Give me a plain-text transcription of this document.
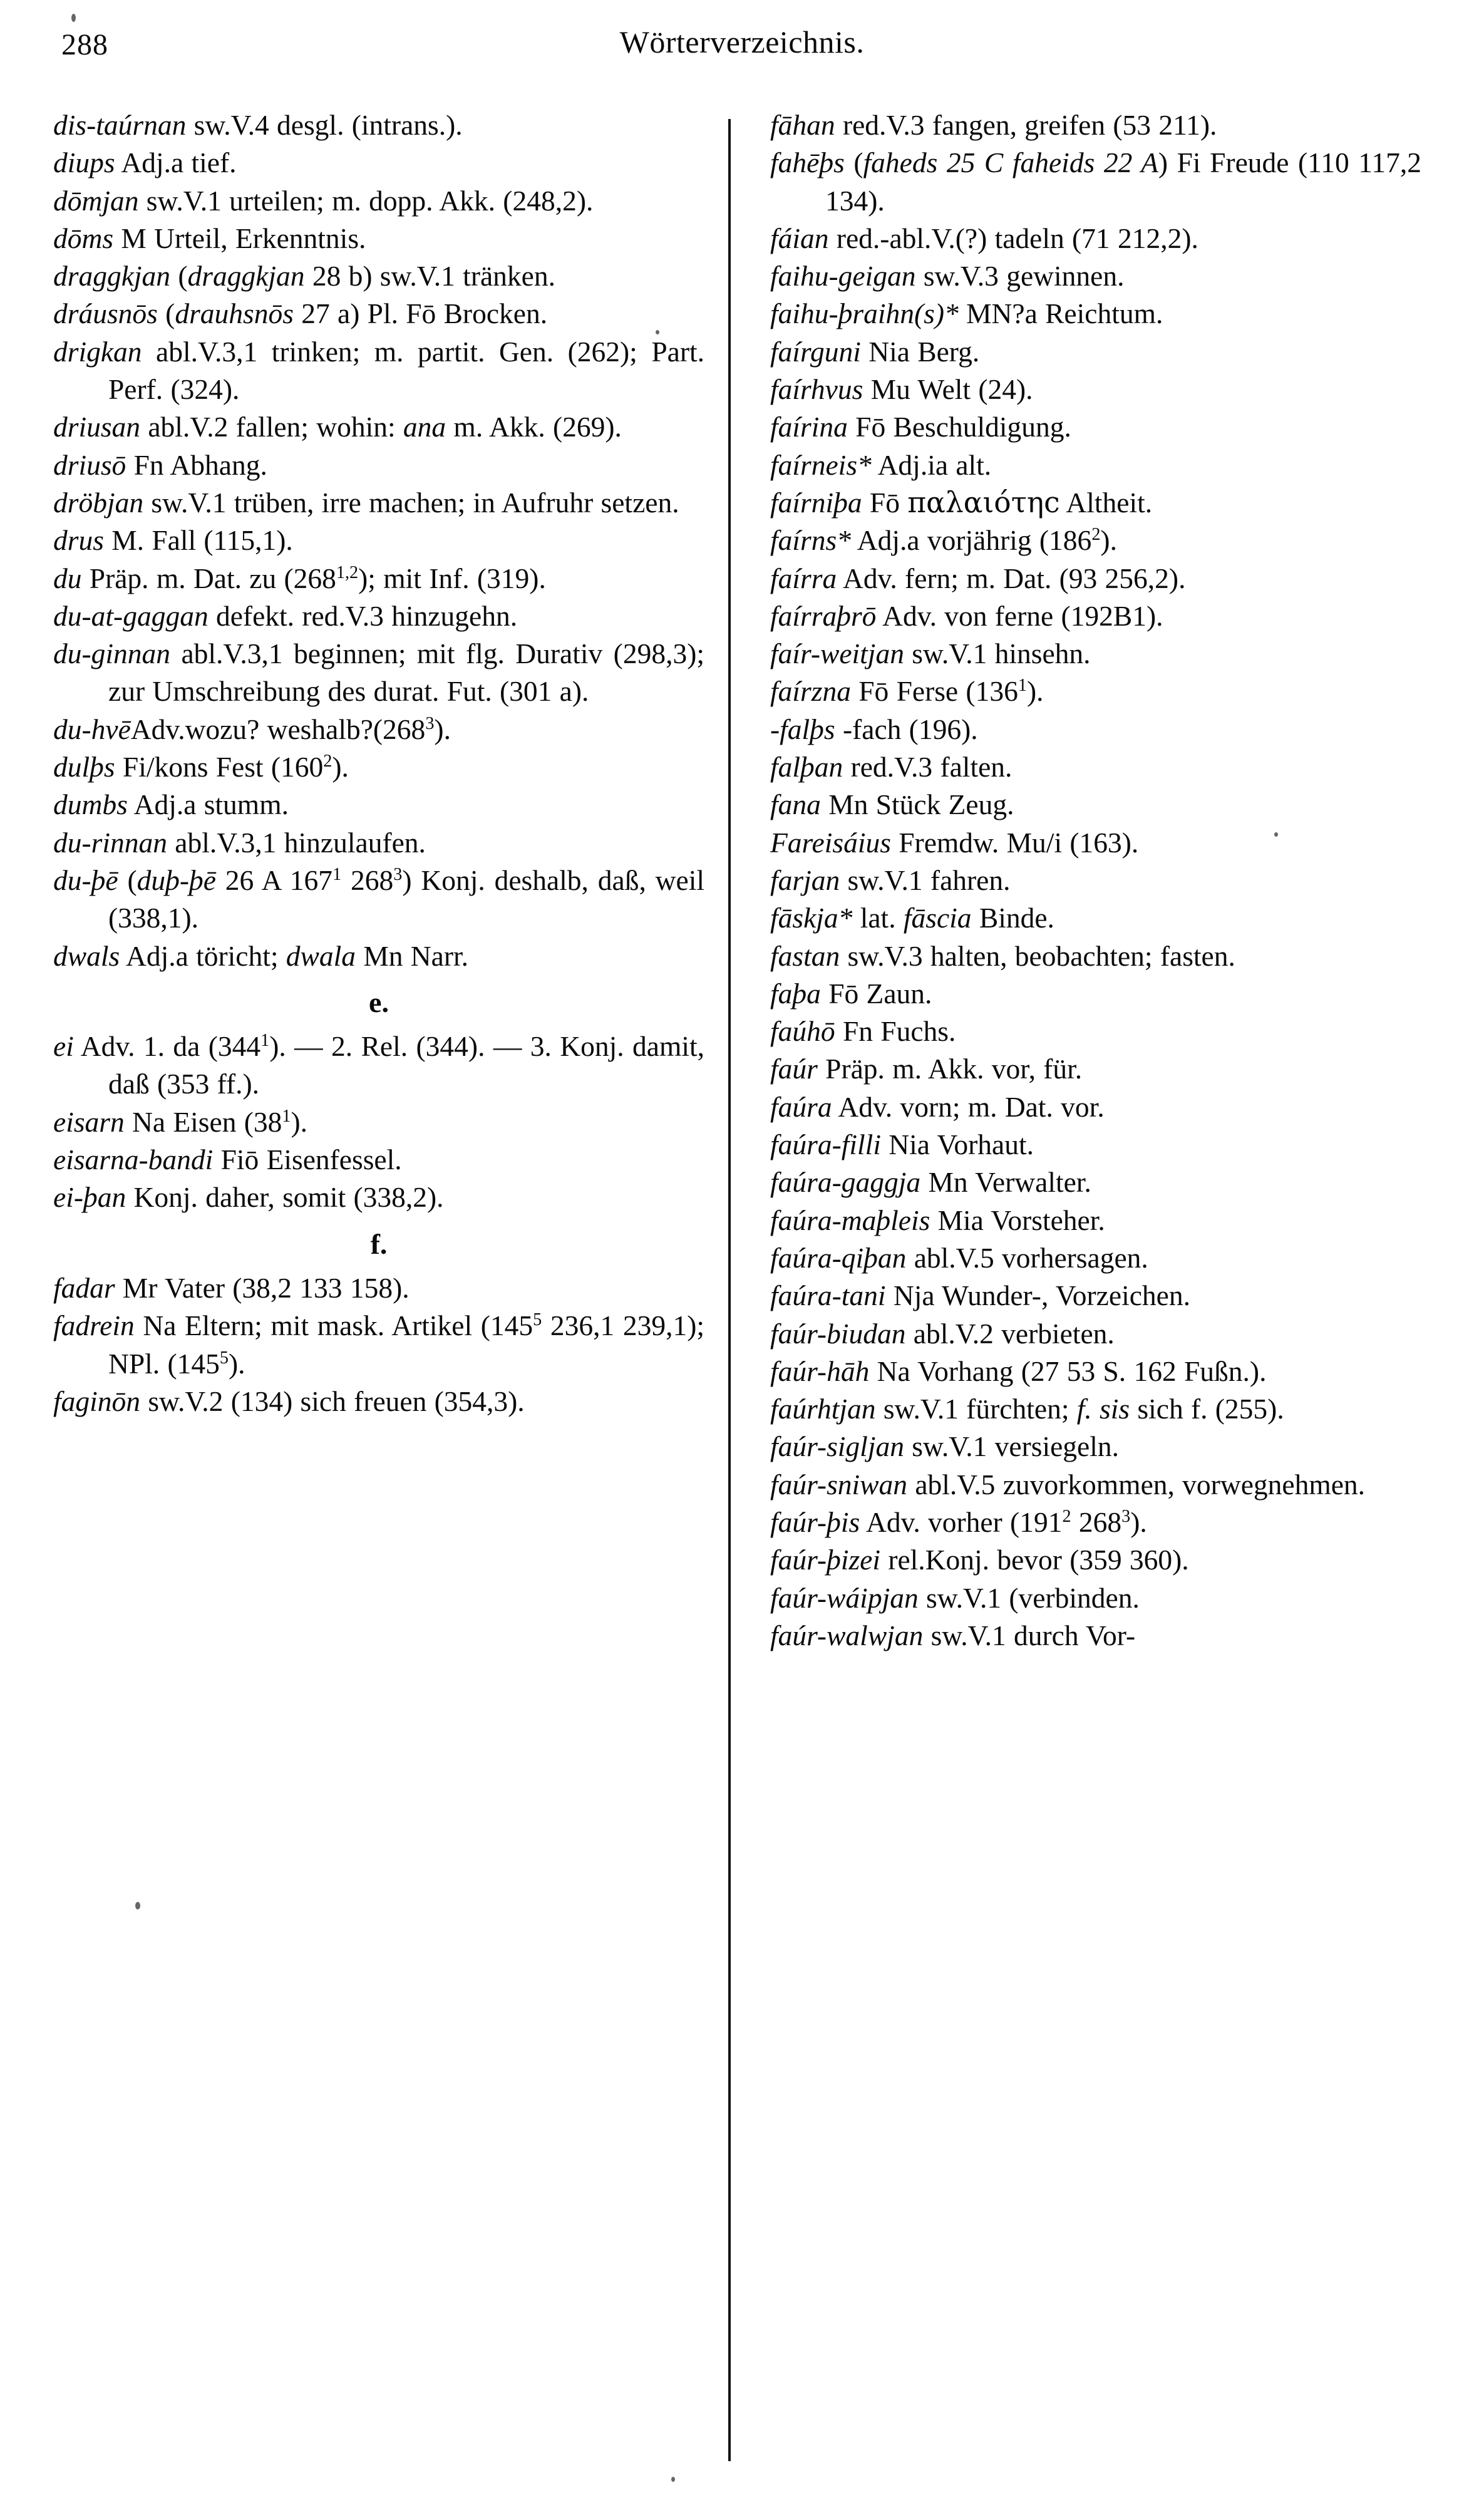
288	Wörterverzeichnis.

dis-taúrnan sw.V.4 desgl. (intrans.).

diups Adj.a tief.

dōmjan sw.V.1 urteilen; m. dopp. Akk. (248,2).

dōms M Urteil, Erkenntnis.

draggkjan (draggkjan 28 b) sw.V.1 tränken.

dráusnōs (drauhsnōs 27 a) Pl. Fō Brocken.

drigkan abl.V.3,1 trinken; m. partit. Gen. (262); Part. Perf. (324).

driusan abl.V.2 fallen; wohin: ana m. Akk. (269).

driusō Fn Abhang.

dröbjan sw.V.1 trüben, irre machen; in Aufruhr setzen.

drus M. Fall (115,1).

du Präp. m. Dat. zu (268$^{1,2}$); mit Inf. (319).

du-at-gaggan defekt. red.V.3 hinzugehn.

du-ginnan abl.V.3,1 beginnen; mit flg. Durativ (298,3); zur Umschreibung des durat. Fut. (301 a).

du-hvēAdv.wozu? $weshalb?(268^3)$.

dulþs Fi/kons Fest $(160^2)$.

dumbs Adj.a stumm.

du-rinnan abl.V.3,1 hinzulaufen.

du-þē (duþ-þē 26 A $167^1$ $268^3$) Konj. deshalb, daß, weil (338,1).

dwals Adj.a töricht; dwala Mn Narr.

e.

ei Adv. 1. da $(344^1)$. — 2. Rel. (344). — 3. Konj. damit, daß (353 ff.).

eisarn Na Eisen $(38^1)$.

eisarna-bandi Fiō Eisenfessel.

ei-þan Konj. daher, somit (338,2).

f.

fadar Mr Vater (38,2 133 158).

fadrein Na Eltern; mit mask. Artikel ($145^5$ 236,1 239,1); NPl. $(145^5)$.

faginōn sw.V.2 (134) sich freuen (354,3).

fāhan red.V.3 fangen, greifen (53 211).

fahēþs (faheds 25 C faheids 22 A) Fi Freude (110 117,2 134).

fáian red.-abl.V.(?) tadeln (71 212,2).

faihu-geigan sw.V.3 gewinnen.

faihu-þraihn(s)* MN?a Reichtum.

faírguni Nia Berg.

faírhvus Mu Welt (24).

faírina Fō Beschuldigung.

faírneis* Adj.ia alt.

faírniþa Fō παλαιότηc Altheit.

faírns* Adj.a vorjährig $(186^2)$.

faírra Adv. fern; m. Dat. (93 256,2).

faírraþrō Adv. von ferne (192B1).

faír-weitjan sw.V.1 hinsehn.

faírzna Fō Ferse $(136^1)$.

-falþs -fach (196).

falþan red.V.3 falten.

fana Mn Stück Zeug.

Fareisáius Fremdw. Mu/i (163).

farjan sw.V.1 fahren.

fāskja* lat. fāscia Binde.

fastan sw.V.3 halten, beobachten; fasten.

faþa Fō Zaun.

faúhō Fn Fuchs.

faúr Präp. m. Akk. vor, für.

faúra Adv. vorn; m. Dat. vor.

faúra-filli Nia Vorhaut.

faúra-gaggja Mn Verwalter.

faúra-maþleis Mia Vorsteher.

faúra-qiþan abl.V.5 vorhersagen.

faúra-tani Nja Wunder-, Vorzeichen.

faúr-biudan abl.V.2 verbieten.

faúr-hāh Na Vorhang (27 53 S. 162 Fußn.).

faúrhtjan sw.V.1 fürchten; f. sis sich f. (255).

faúr-sigljan sw.V.1 versiegeln.

faúr-sniwan abl.V.5 zuvorkommen, vorwegnehmen.

faúr-þis Adv. vorher ($191^2$ $268^3$).

faúr-þizei rel.Konj. bevor (359 360).

faúr-wáipjan sw.V.1 (verbinden.

faúr-walwjan sw.V.1 durch Vor-
